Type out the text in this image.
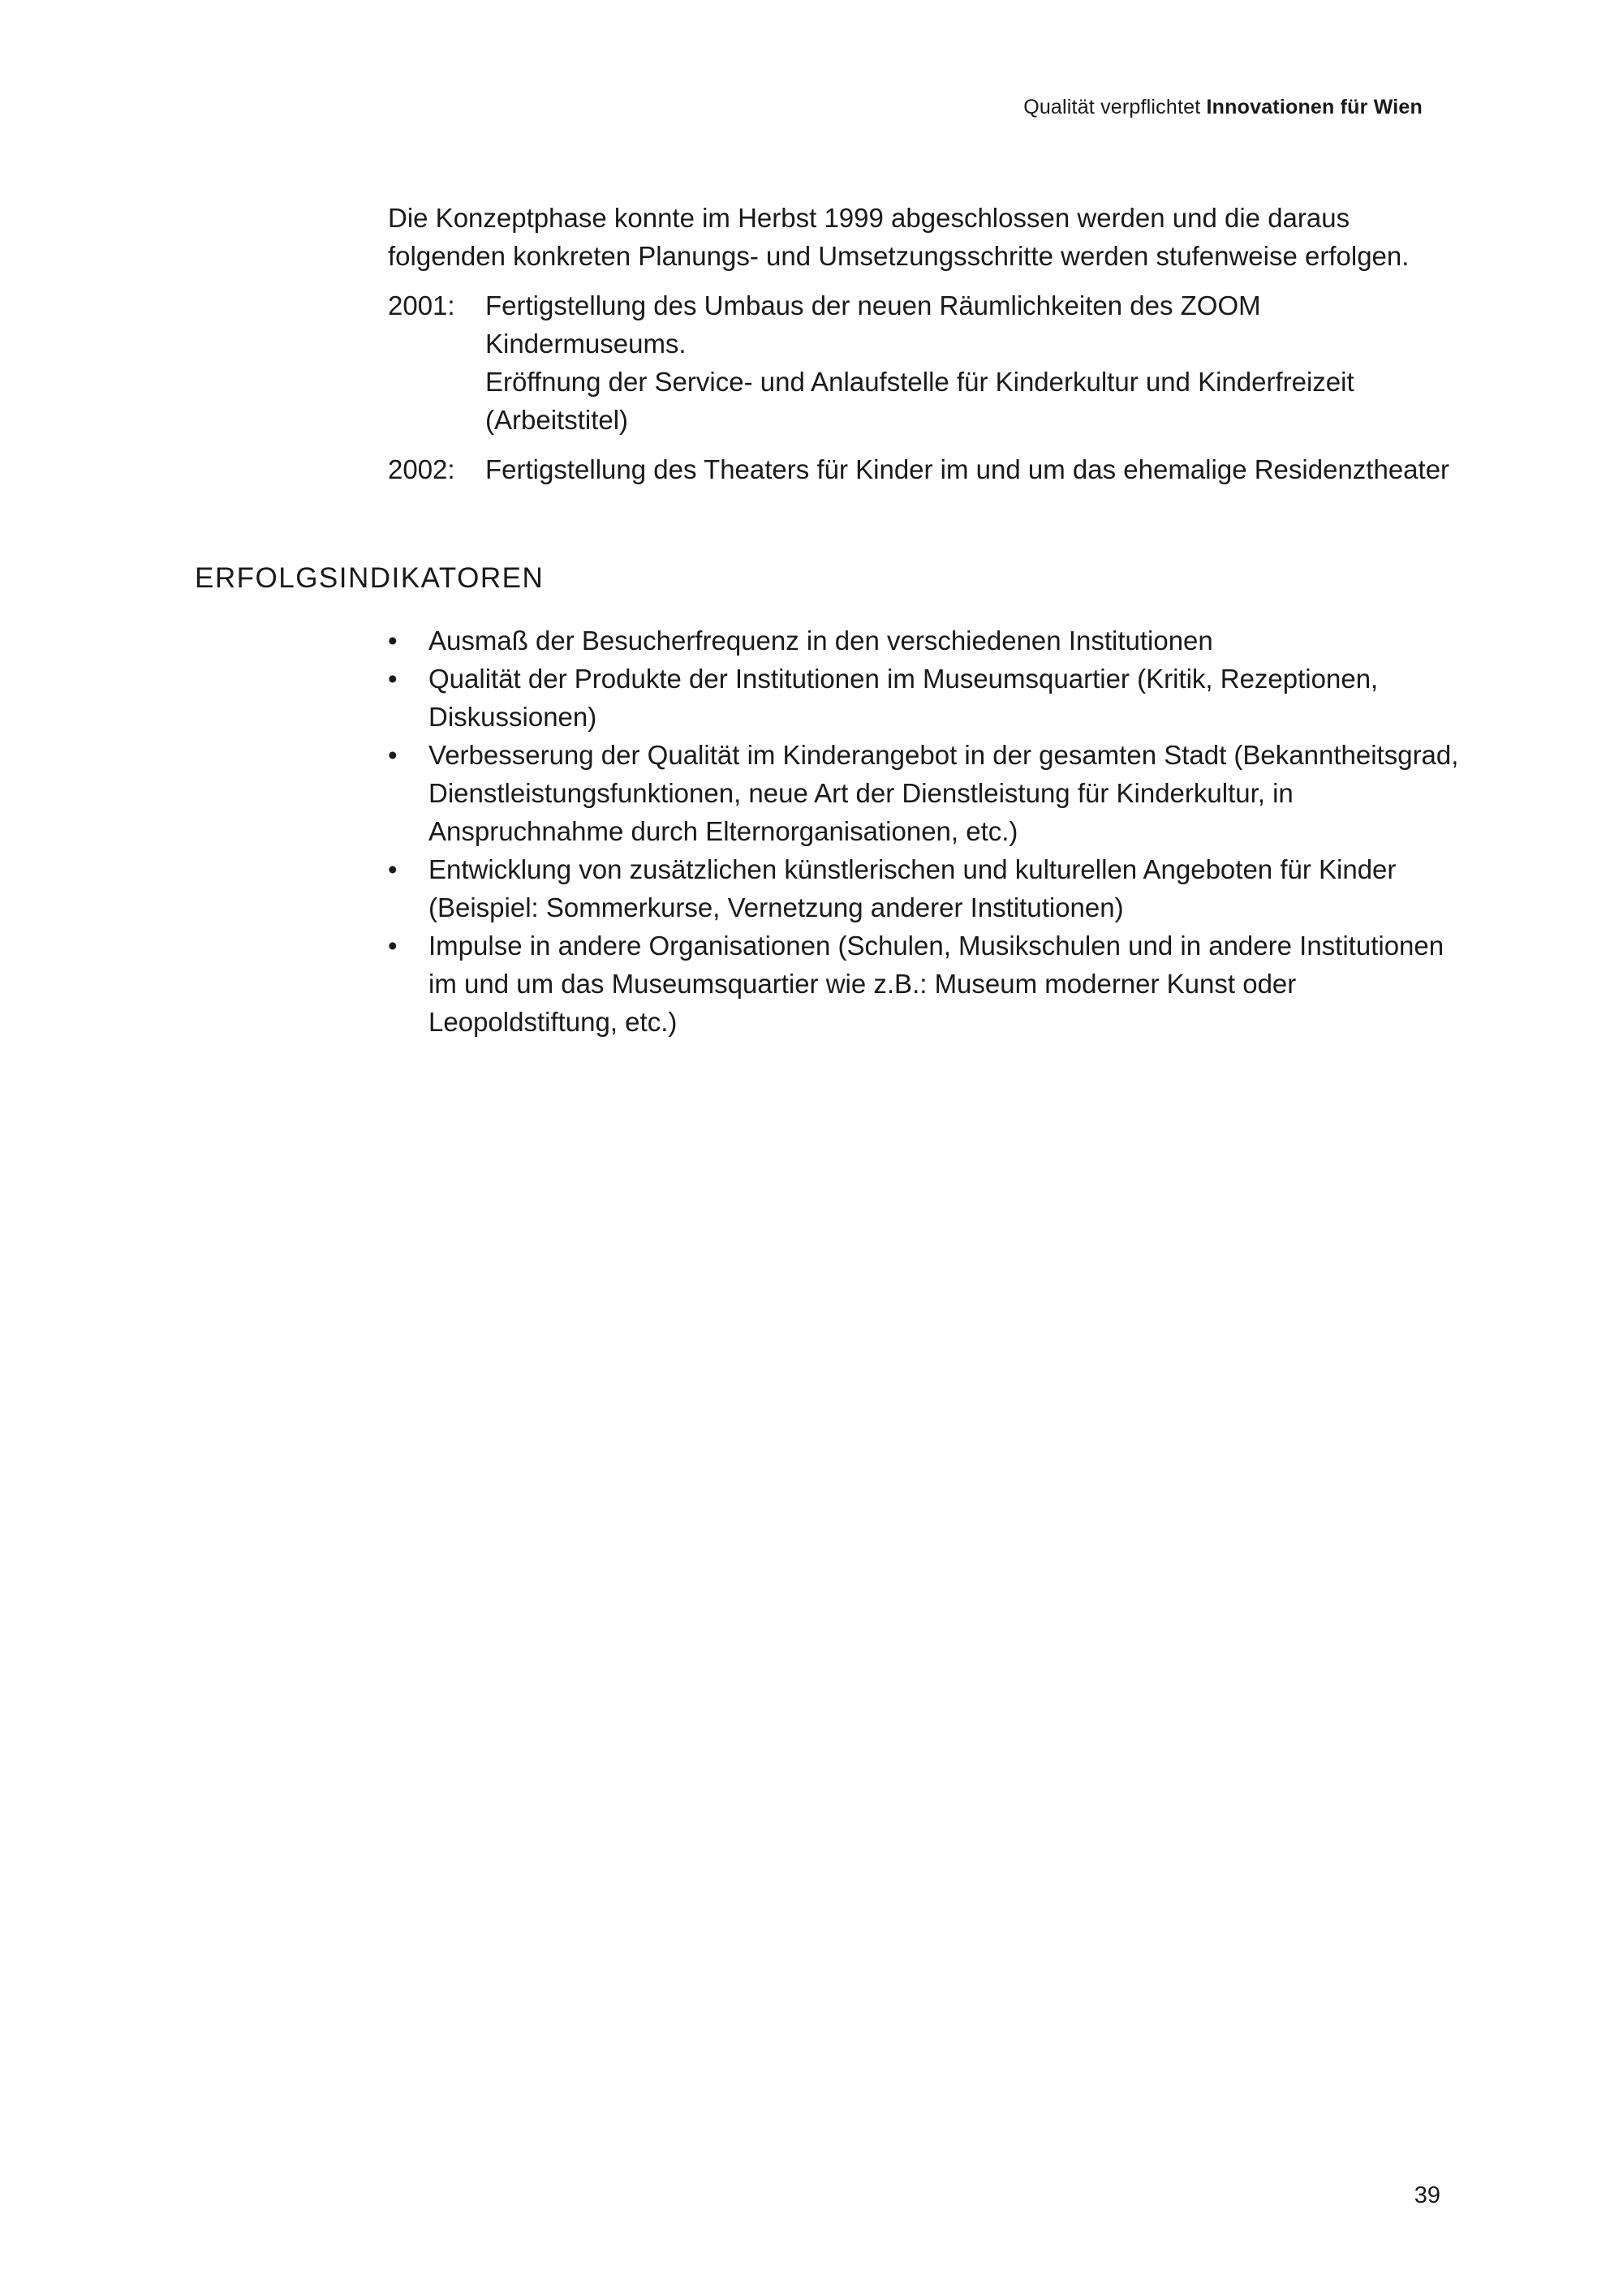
Qualität verpflichtet Innovationen für Wien

Die Konzeptphase konnte im Herbst 1999 abgeschlossen werden und die daraus folgenden konkreten Planungs- und Umsetzungsschritte werden stufenweise erfolgen.

2001:	Fertigstellung des Umbaus der neuen Räumlichkeiten des ZOOM Kindermuseums.
Eröffnung der Service- und Anlaufstelle für Kinderkultur und Kinderfreizeit (Arbeitstitel)
2002:	Fertigstellung des Theaters für Kinder im und um das ehemalige Residenztheater
ERFOLGSINDIKATOREN
•	Ausmaß der Besucherfrequenz in den verschiedenen Institutionen
•	Qualität der Produkte der Institutionen im Museumsquartier (Kritik, Rezeptionen, Diskussionen)
•	Verbesserung der Qualität im Kinderangebot in der gesamten Stadt (Bekanntheitsgrad, Dienstleistungsfunktionen, neue Art der Dienstleistung für Kinderkultur, in Anspruchnahme durch Elternorganisationen, etc.)
•	Entwicklung von zusätzlichen künstlerischen und kulturellen Angeboten für Kinder (Beispiel: Sommerkurse, Vernetzung anderer Institutionen)
•	Impulse in andere Organisationen (Schulen, Musikschulen und in andere Institutionen im und um das Museumsquartier wie z.B.: Museum moderner Kunst oder Leopoldstiftung, etc.)
39
